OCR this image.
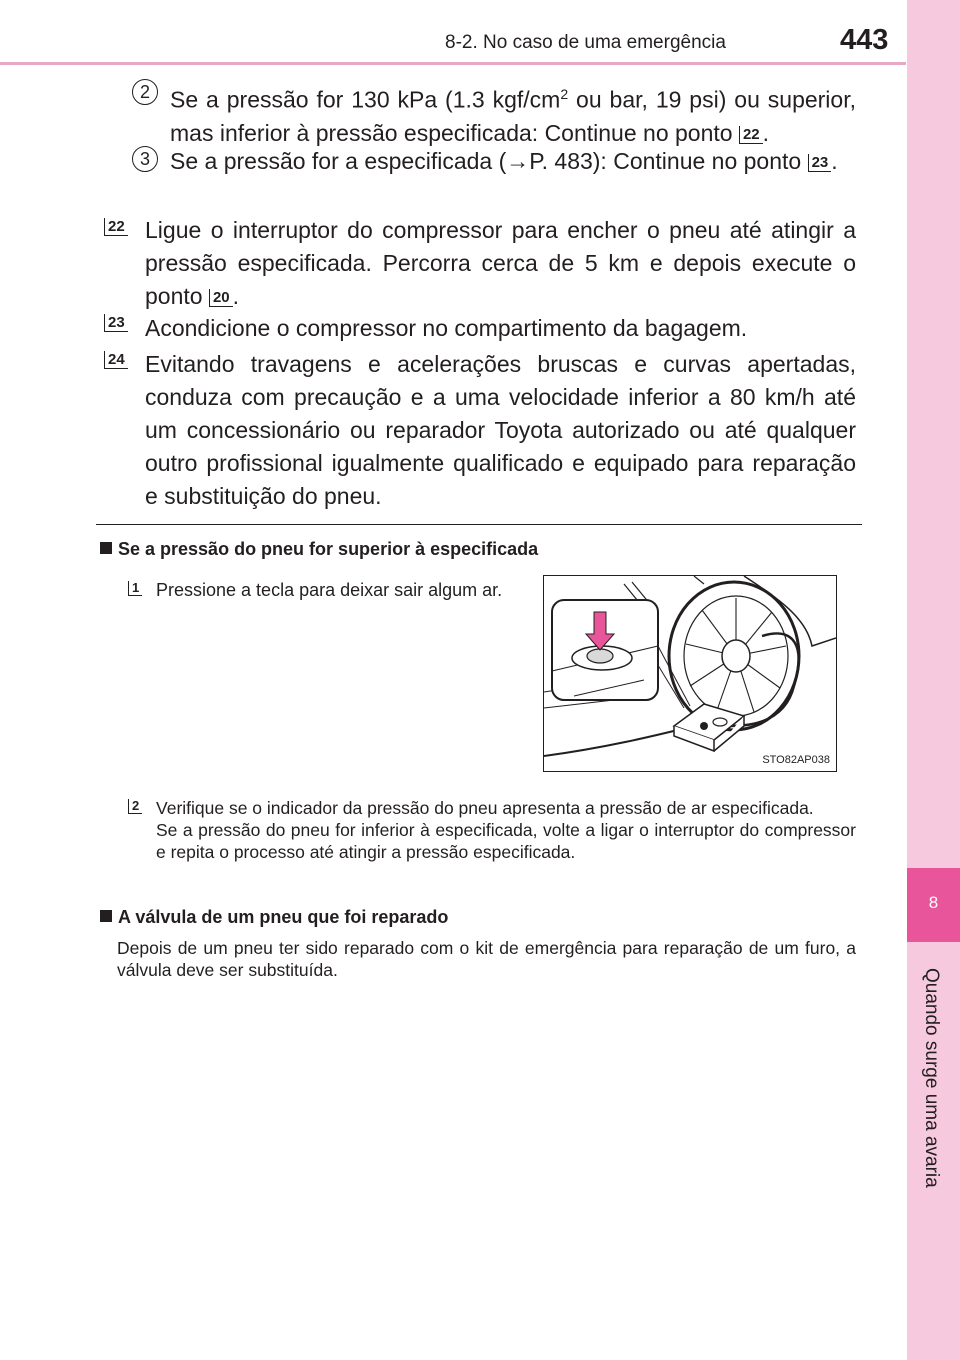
8-2. No caso de uma emergência	443
8
Quando surge uma avaria
2 Se a pressão for 130 kPa (1.3 kgf/$cm^2$ ou bar, 19 psi) ou superior, mas inferior à pressão especificada: Continue no ponto 22 .

3 Se a pressão for a especificada (→P. 483): Continue no ponto 23 .

22 Ligue o interruptor do compressor para encher o pneu até atingir a pressão especificada. Percorra cerca de 5 km e depois execute o ponto 20 .

23 Acondicione o compressor no compartimento da bagagem.

24 Evitando travagens e acelerações bruscas e curvas apertadas, conduza com precaução e a uma velocidade inferior a 80 km/h até um concessionário ou reparador Toyota autorizado ou até qualquer outro profissional igualmente qualificado e equipado para reparação e substituição do pneu.

Se a pressão do pneu for superior à especificada
1 Pressione a tecla para deixar sair algum ar.

STO82AP038
2 Verifique se o indicador da pressão do pneu apresenta a pressão de ar especificada.

Se a pressão do pneu for inferior à especificada, volte a ligar o interruptor do compressor e repita o processo até atingir a pressão especificada.

A válvula de um pneu que foi reparado

Depois de um pneu ter sido reparado com o kit de emergência para reparação de um furo, a válvula deve ser substituída.
